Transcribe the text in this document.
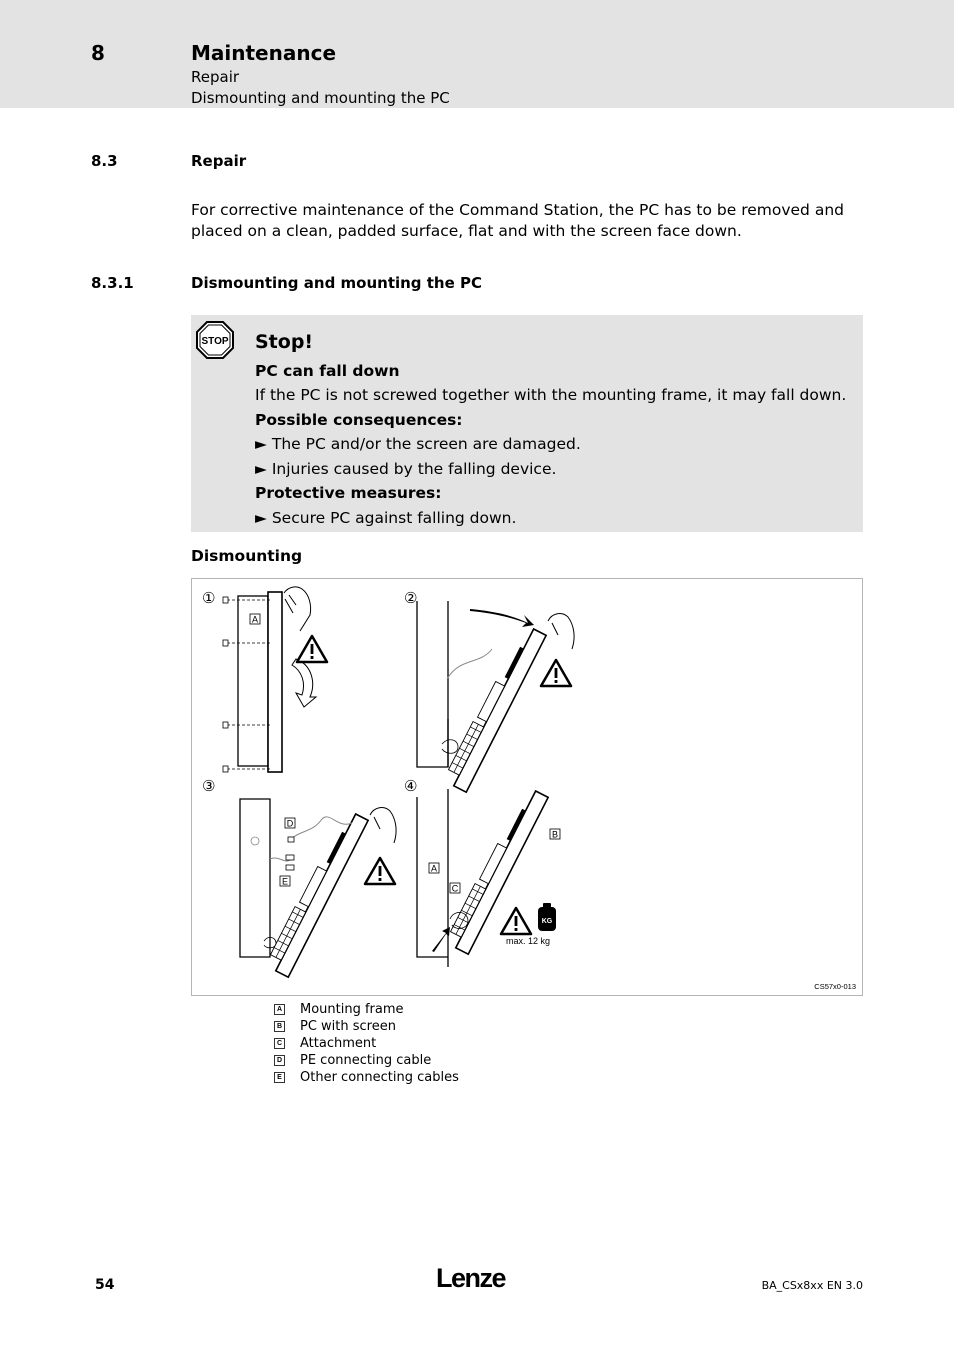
8	Maintenance
Repair
Dismounting and mounting the PC
8.3	Repair
For corrective maintenance of the Command Station, the PC has to be removed and placed on a clean, padded surface, flat and with the screen face down.
8.3.1	Dismounting and mounting the PC
STOP Stop!
PC can fall down
If the PC is not screwed together with the mounting frame, it may fall down.
Possible consequences:
► The PC and/or the screen are damaged.
► Injuries caused by the falling device.
Protective measures:
► Secure PC against falling down.
Dismounting
①	②
③	④
A
D
E
KG
A
C
B
max. 12 kg
CS57x0-013
A Mounting frame
B PC with screen
C Attachment
D PE connecting cable
E Other connecting cables
54	Lenze	BA_CSx8xx EN 3.0
